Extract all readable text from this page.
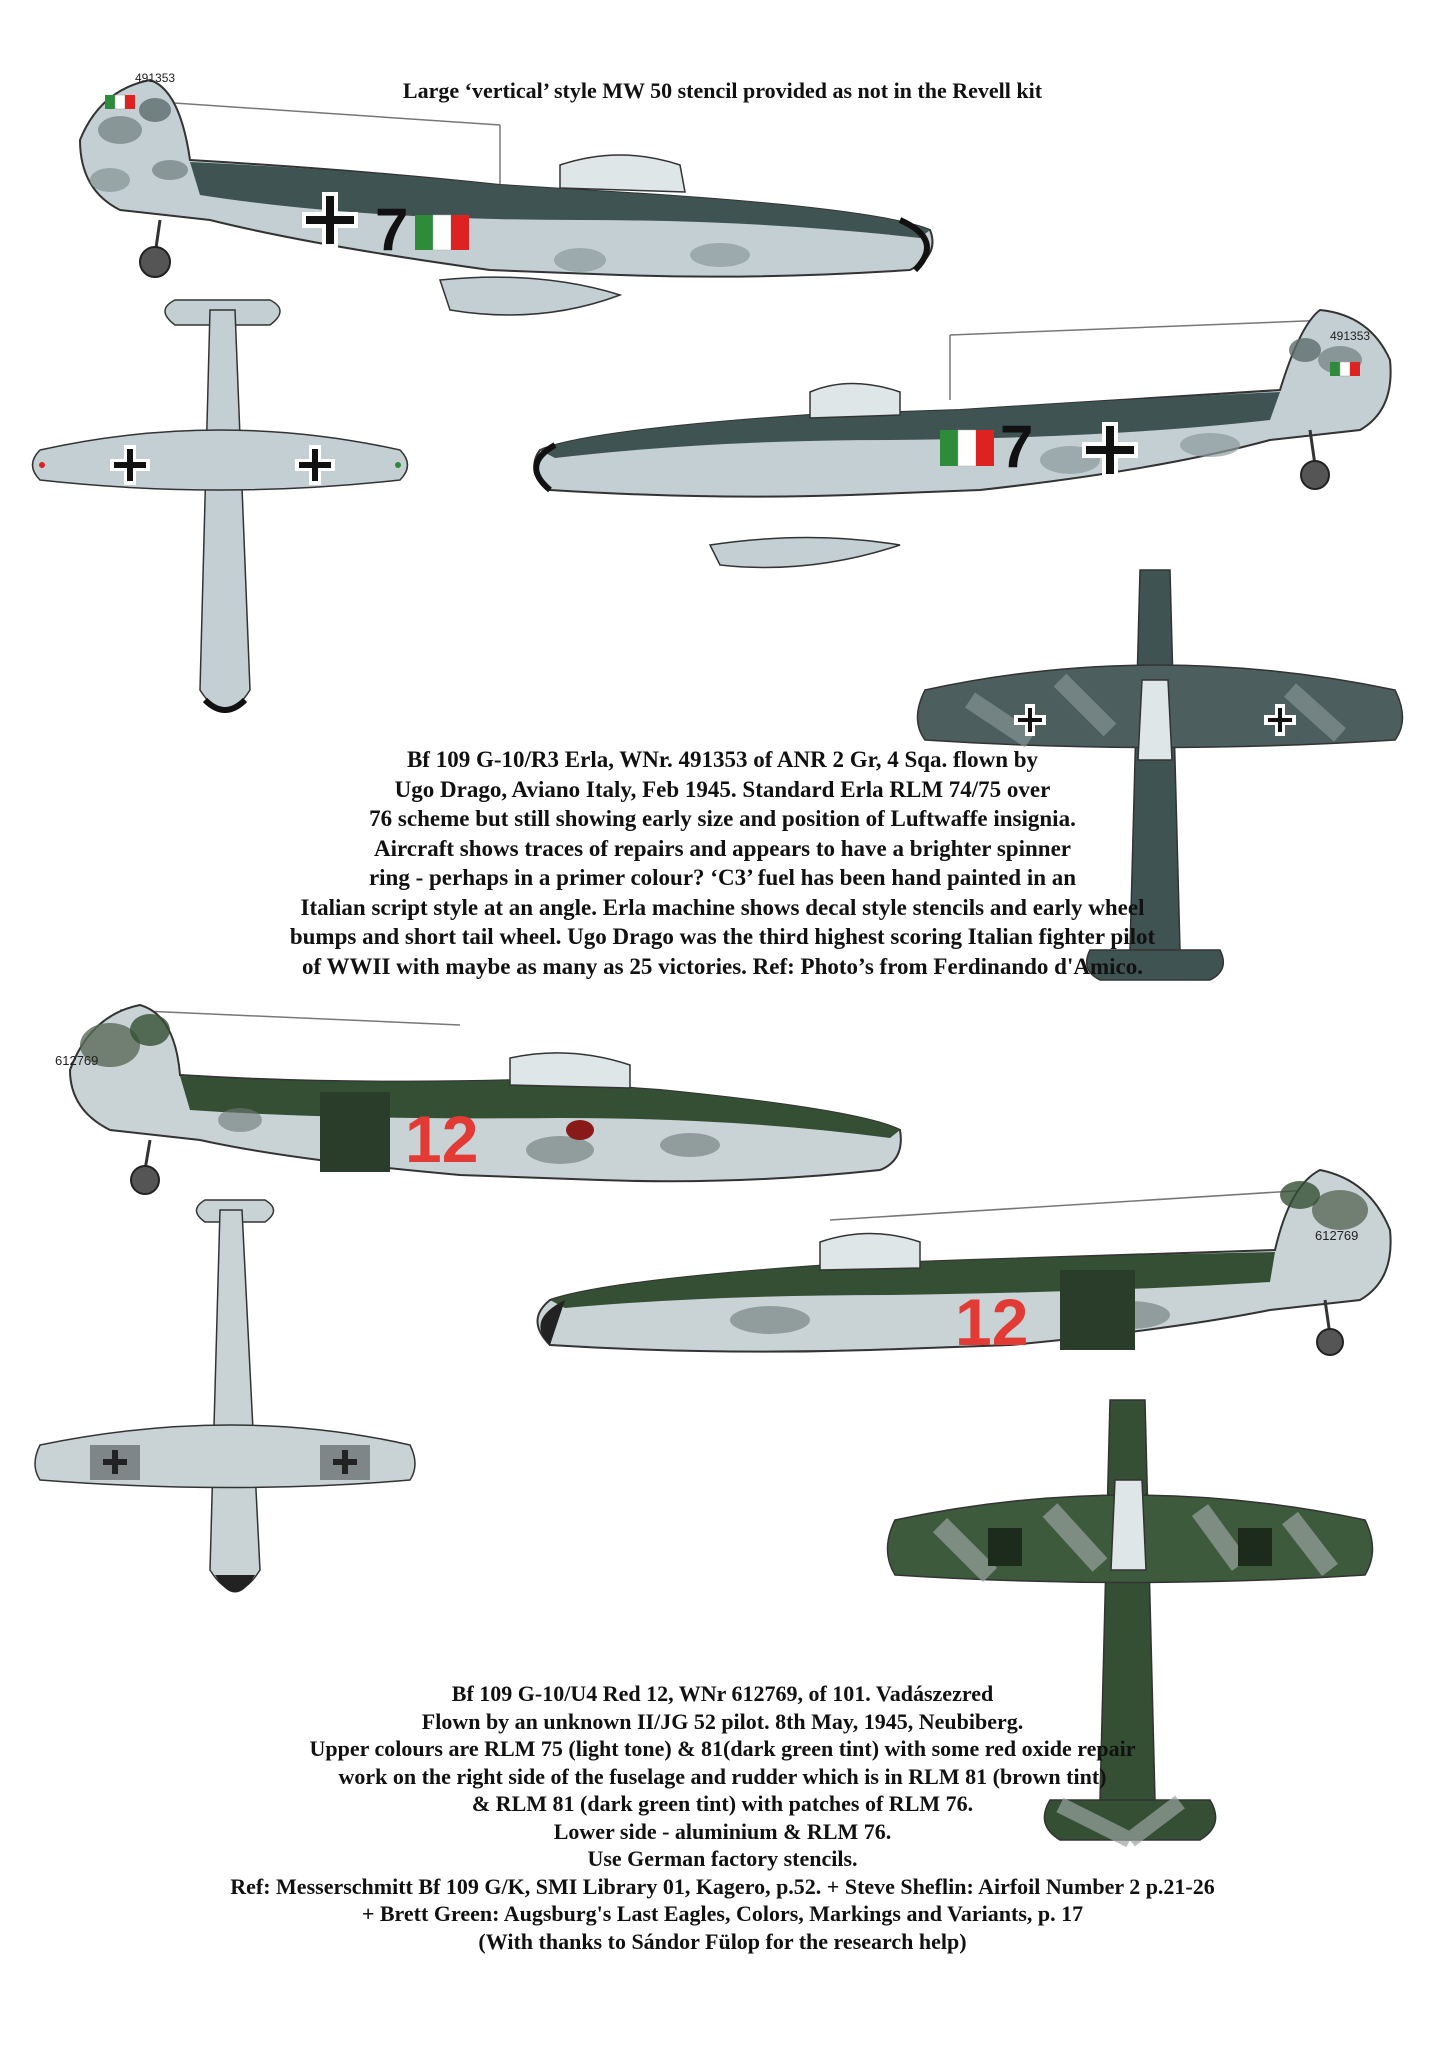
Large ‘vertical’ style MW 50 stencil provided as not in the Revell kit
491353
7
491353
7
Bf 109 G-10/R3 Erla, WNr. 491353 of ANR 2 Gr, 4 Sqa. flown by
Ugo Drago, Aviano Italy, Feb 1945. Standard Erla RLM 74/75 over
76 scheme but still showing early size and position of Luftwaffe insignia.
Aircraft shows traces of repairs and appears to have a brighter spinner
ring - perhaps in a primer colour? ‘C3’ fuel has been hand painted in an
Italian script style at an angle. Erla machine shows decal style stencils and early wheel
bumps and short tail wheel. Ugo Drago was the third highest scoring Italian fighter pilot
of WWII with maybe as many as 25 victories. Ref: Photo’s from Ferdinando d'Amico.
612769
12
612769
12
Bf 109 G-10/U4 Red 12, WNr 612769, of 101. Vadászezred
Flown by an unknown II/JG 52 pilot. 8th May, 1945, Neubiberg.
Upper colours are RLM 75 (light tone) & 81(dark green tint) with some red oxide repair
work on the right side of the fuselage and rudder which is in RLM 81 (brown tint)
& RLM 81 (dark green tint) with patches of RLM 76.
Lower side - aluminium & RLM 76.
Use German factory stencils.
Ref: Messerschmitt Bf 109 G/K, SMI Library 01, Kagero, p.52. + Steve Sheflin: Airfoil Number 2 p.21-26
+ Brett Green: Augsburg's Last Eagles, Colors, Markings and Variants, p. 17
(With thanks to Sándor Fülop for the research help)
